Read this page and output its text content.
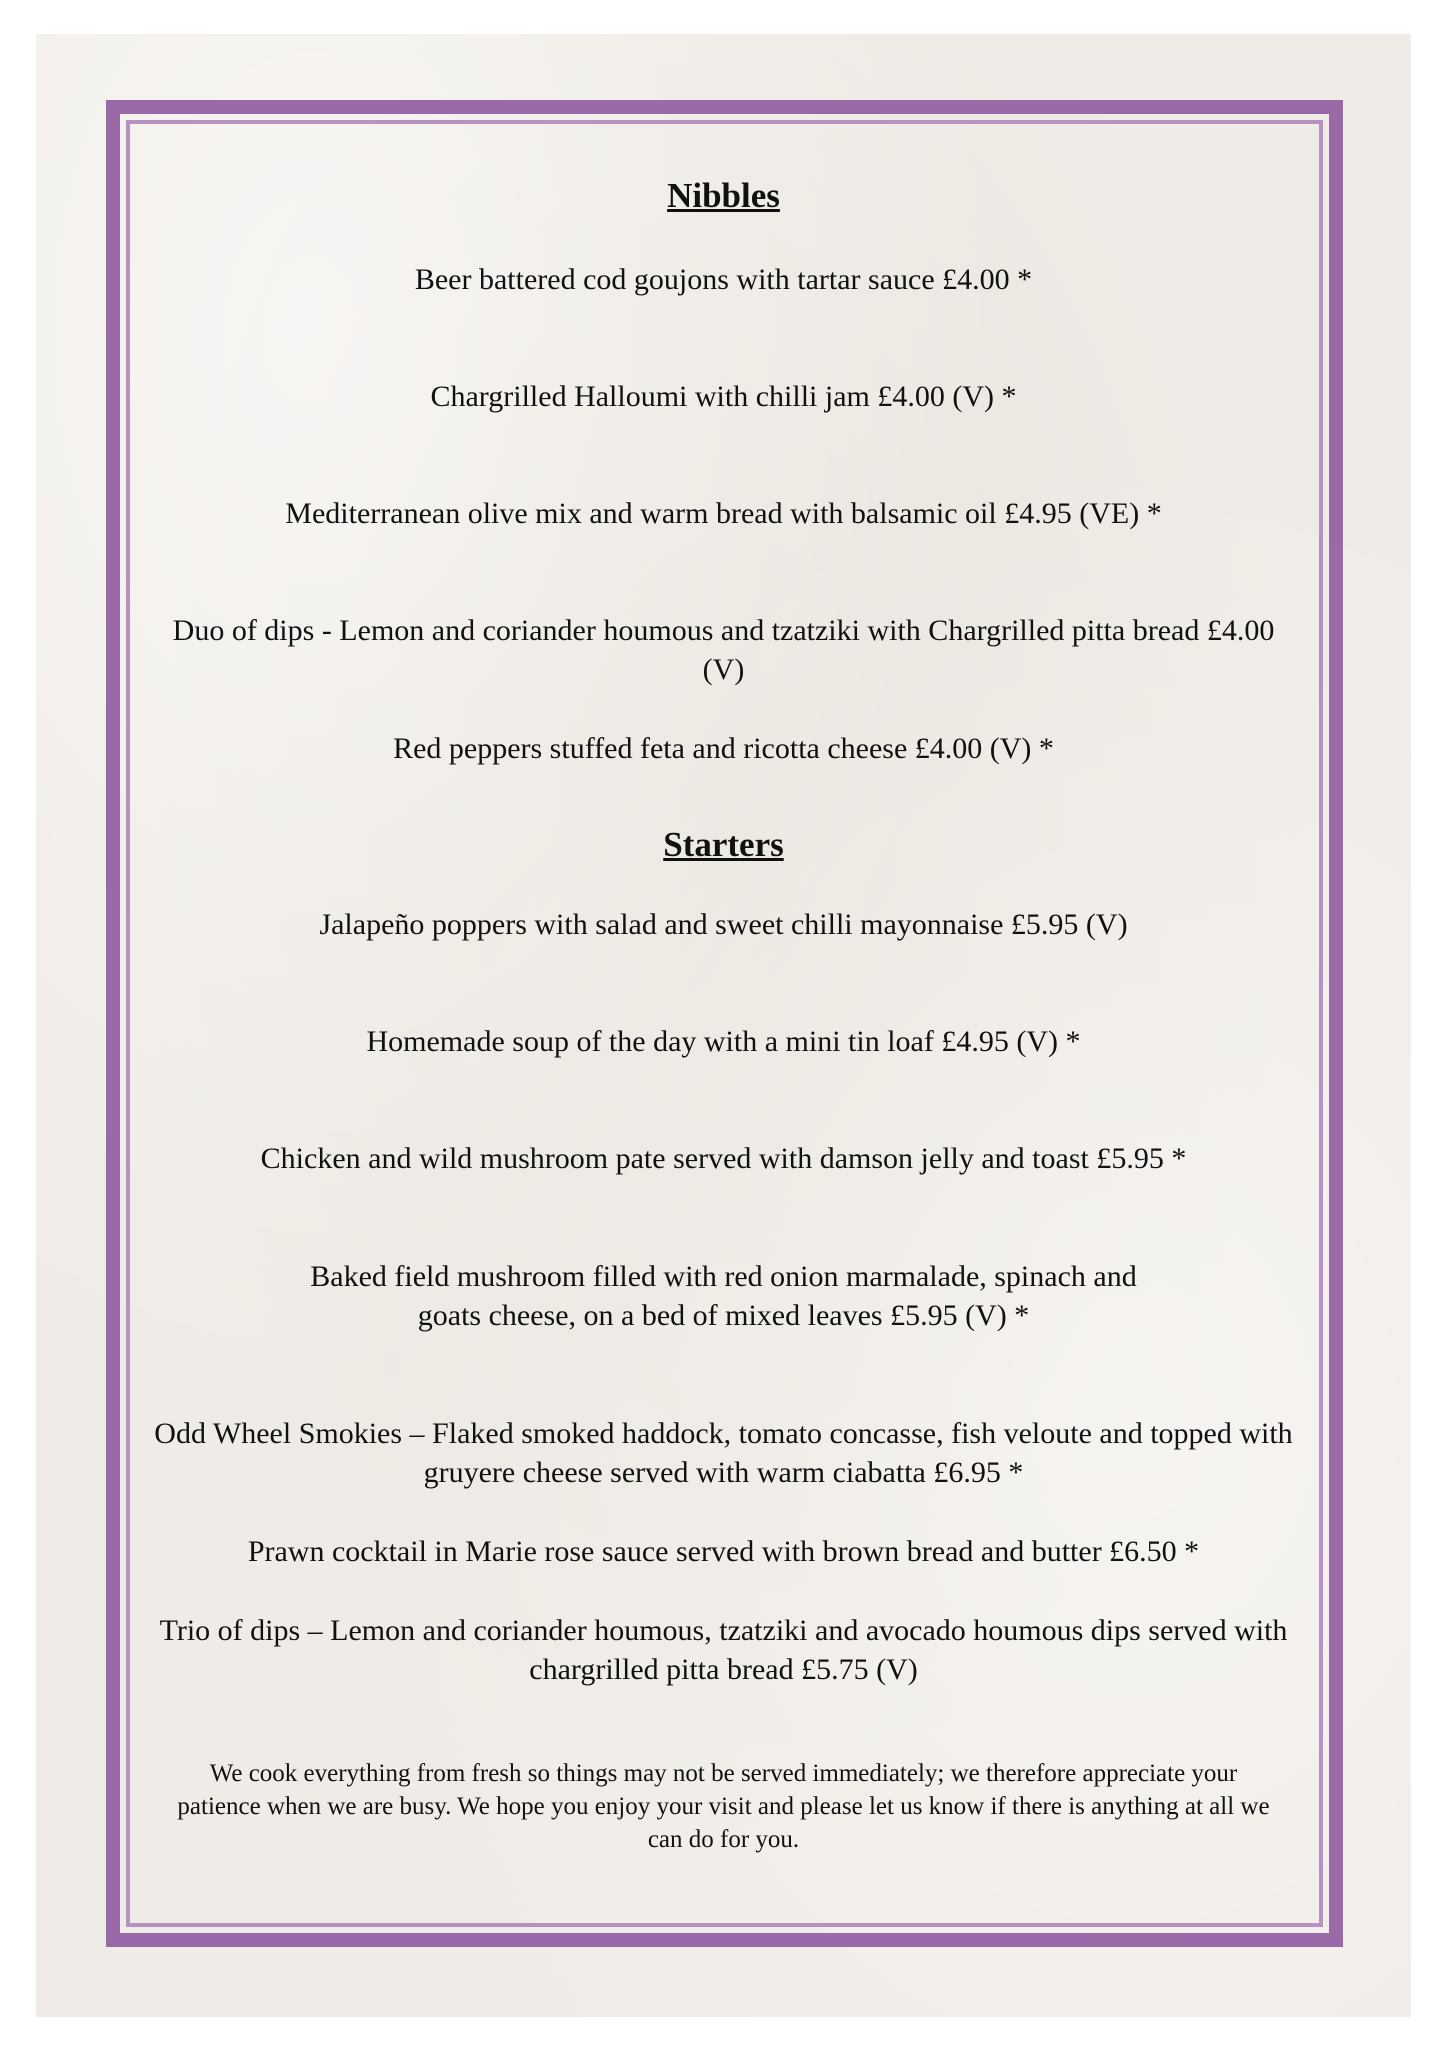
Nibbles

Beer battered cod goujons with tartar sauce £4.00 *

Chargrilled Halloumi with chilli jam £4.00 (V) *

Mediterranean olive mix and warm bread with balsamic oil £4.95 (VE) *

Duo of dips - Lemon and coriander houmous and tzatziki with Chargrilled pitta bread £4.00 (V)

Red peppers stuffed feta and ricotta cheese £4.00 (V) *

Starters

Jalapeño poppers with salad and sweet chilli mayonnaise £5.95 (V)

Homemade soup of the day with a mini tin loaf £4.95 (V) *

Chicken and wild mushroom pate served with damson jelly and toast £5.95 *

Baked field mushroom filled with red onion marmalade, spinach and goats cheese, on a bed of mixed leaves £5.95 (V) *

Odd Wheel Smokies – Flaked smoked haddock, tomato concasse, fish veloute and topped with gruyere cheese served with warm ciabatta £6.95 *

Prawn cocktail in Marie rose sauce served with brown bread and butter £6.50 *

Trio of dips – Lemon and coriander houmous, tzatziki and avocado houmous dips served with chargrilled pitta bread £5.75 (V)

We cook everything from fresh so things may not be served immediately; we therefore appreciate your patience when we are busy. We hope you enjoy your visit and please let us know if there is anything at all we can do for you.
